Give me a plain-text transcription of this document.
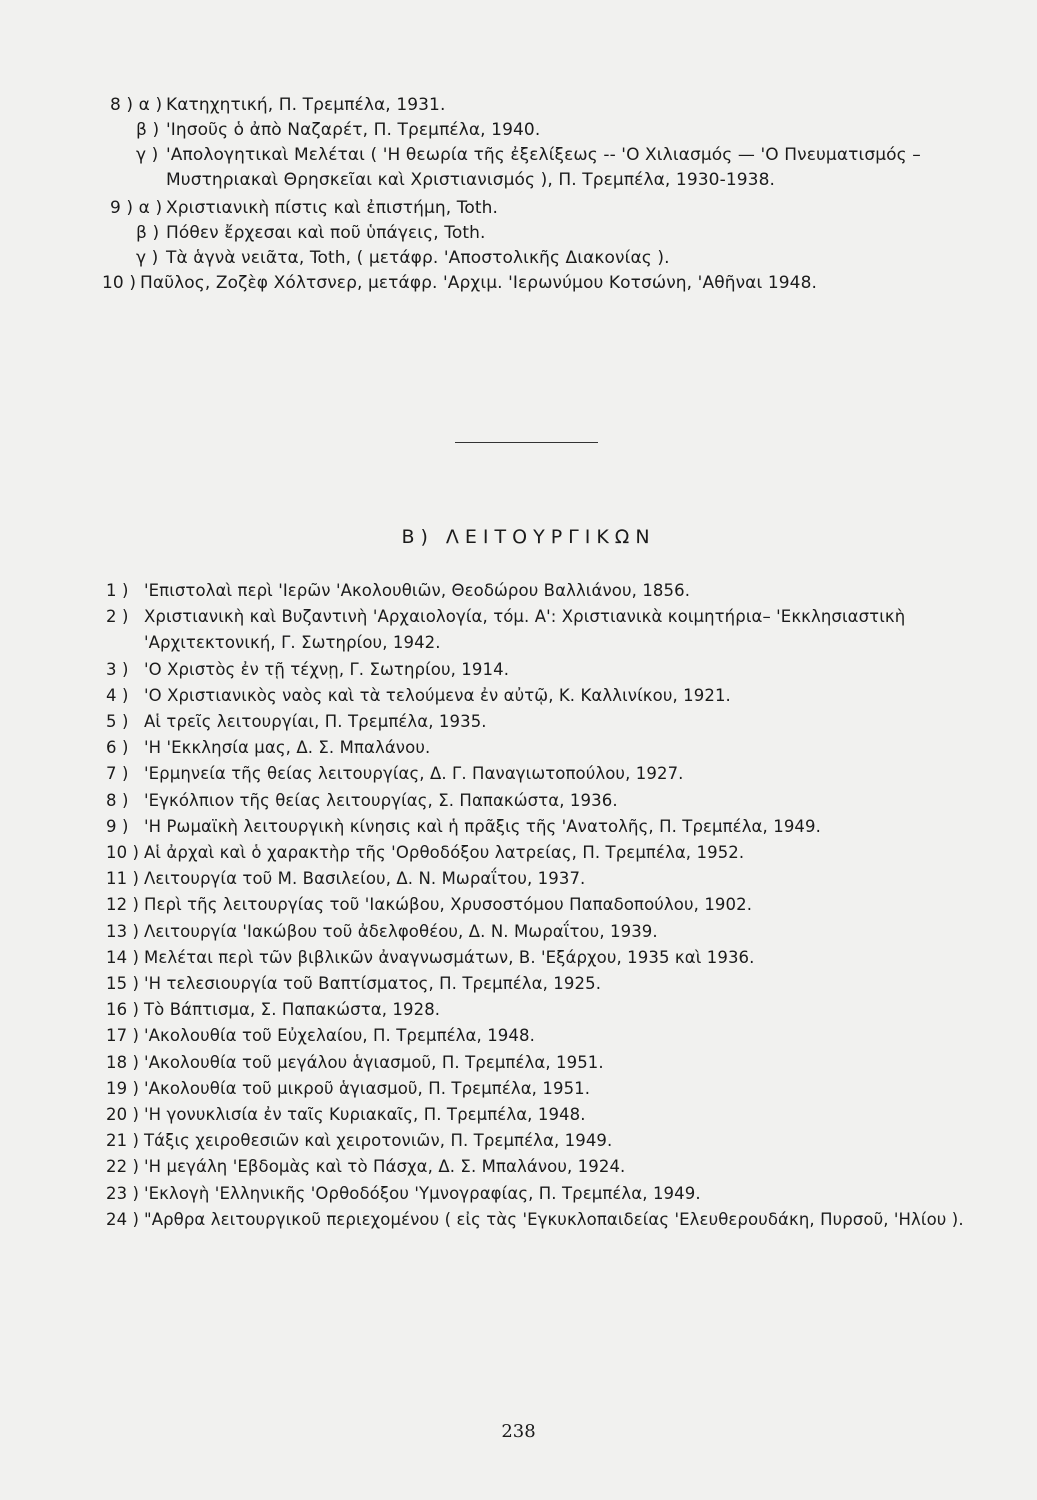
8 ) α ) Κατηχητική, Π. Τρεμπέλα, 1931.
β ) 'Ιησοῦς ὁ ἀπὸ Ναζαρέτ, Π. Τρεμπέλα, 1940.
γ ) 'Απολογητικαὶ Μελέται ( 'Η θεωρία τῆς ἐξελίξεως -- 'Ο Χιλιασμός — 'Ο Πνευματισμός – Μυστηριακαὶ Θρησκεῖαι καὶ Χριστιανισμός ), Π. Τρεμπέλα, 1930-1938.
9 ) α ) Χριστιανικὴ πίστις καὶ ἐπιστήμη, Toth.
β ) Πόθεν ἔρχεσαι καὶ ποῦ ὑπάγεις, Toth.
γ ) Τὰ ἁγνὰ νειᾶτα, Toth, ( μετάφρ. 'Αποστολικῆς Διακονίας ).
10 ) Παῦλος, Ζοζὲφ Χόλτσνερ, μετάφρ. 'Αρχιμ. 'Ιερωνύμου Κοτσώνη, 'Αθῆναι 1948.
Β) ΛΕΙΤΟΥΡΓΙΚΩΝ
1 ) 'Επιστολαὶ περὶ 'Ιερῶν 'Ακολουθιῶν, Θεοδώρου Βαλλιάνου, 1856.
2 ) Χριστιανικὴ καὶ Βυζαντινὴ 'Αρχαιολογία, τόμ. Α': Χριστιανικὰ κοιμητήρια– 'Εκκλησιαστικὴ 'Αρχιτεκτονική, Γ. Σωτηρίου, 1942.
3 ) 'Ο Χριστὸς ἐν τῇ τέχνῃ, Γ. Σωτηρίου, 1914.
4 ) 'Ο Χριστιανικὸς ναὸς καὶ τὰ τελούμενα ἐν αὐτῷ, Κ. Καλλινίκου, 1921.
5 ) Αἱ τρεῖς λειτουργίαι, Π. Τρεμπέλα, 1935.
6 ) 'Η 'Εκκλησία μας, Δ. Σ. Μπαλάνου.
7 ) 'Ερμηνεία τῆς θείας λειτουργίας, Δ. Γ. Παναγιωτοπούλου, 1927.
8 ) 'Εγκόλπιον τῆς θείας λειτουργίας, Σ. Παπακώστα, 1936.
9 ) 'Η Ρωμαϊκὴ λειτουργικὴ κίνησις καὶ ἡ πρᾶξις τῆς 'Ανατολῆς, Π. Τρεμπέλα, 1949.
10 ) Αἱ ἀρχαὶ καὶ ὁ χαρακτὴρ τῆς 'Ορθοδόξου λατρείας, Π. Τρεμπέλα, 1952.
11 ) Λειτουργία τοῦ Μ. Βασιλείου, Δ. Ν. Μωραΐτου, 1937.
12 ) Περὶ τῆς λειτουργίας τοῦ 'Ιακώβου, Χρυσοστόμου Παπαδοπούλου, 1902.
13 ) Λειτουργία 'Ιακώβου τοῦ ἀδελφοθέου, Δ. Ν. Μωραΐτου, 1939.
14 ) Μελέται περὶ τῶν βιβλικῶν ἀναγνωσμάτων, Β. 'Εξάρχου, 1935 καὶ 1936.
15 ) 'Η τελεσιουργία τοῦ Βαπτίσματος, Π. Τρεμπέλα, 1925.
16 ) Τὸ Βάπτισμα, Σ. Παπακώστα, 1928.
17 ) 'Ακολουθία τοῦ Εὐχελαίου, Π. Τρεμπέλα, 1948.
18 ) 'Ακολουθία τοῦ μεγάλου ἁγιασμοῦ, Π. Τρεμπέλα, 1951.
19 ) 'Ακολουθία τοῦ μικροῦ ἁγιασμοῦ, Π. Τρεμπέλα, 1951.
20 ) 'Η γονυκλισία ἐν ταῖς Κυριακαῖς, Π. Τρεμπέλα, 1948.
21 ) Τάξις χειροθεσιῶν καὶ χειροτονιῶν, Π. Τρεμπέλα, 1949.
22 ) 'Η μεγάλη 'Εβδομὰς καὶ τὸ Πάσχα, Δ. Σ. Μπαλάνου, 1924.
23 ) 'Εκλογὴ 'Ελληνικῆς 'Ορθοδόξου 'Υμνογραφίας, Π. Τρεμπέλα, 1949.
24 ) "Αρθρα λειτουργικοῦ περιεχομένου ( εἰς τὰς 'Εγκυκλοπαιδείας 'Ελευθερουδάκη, Πυρσοῦ, 'Ηλίου ).
238
